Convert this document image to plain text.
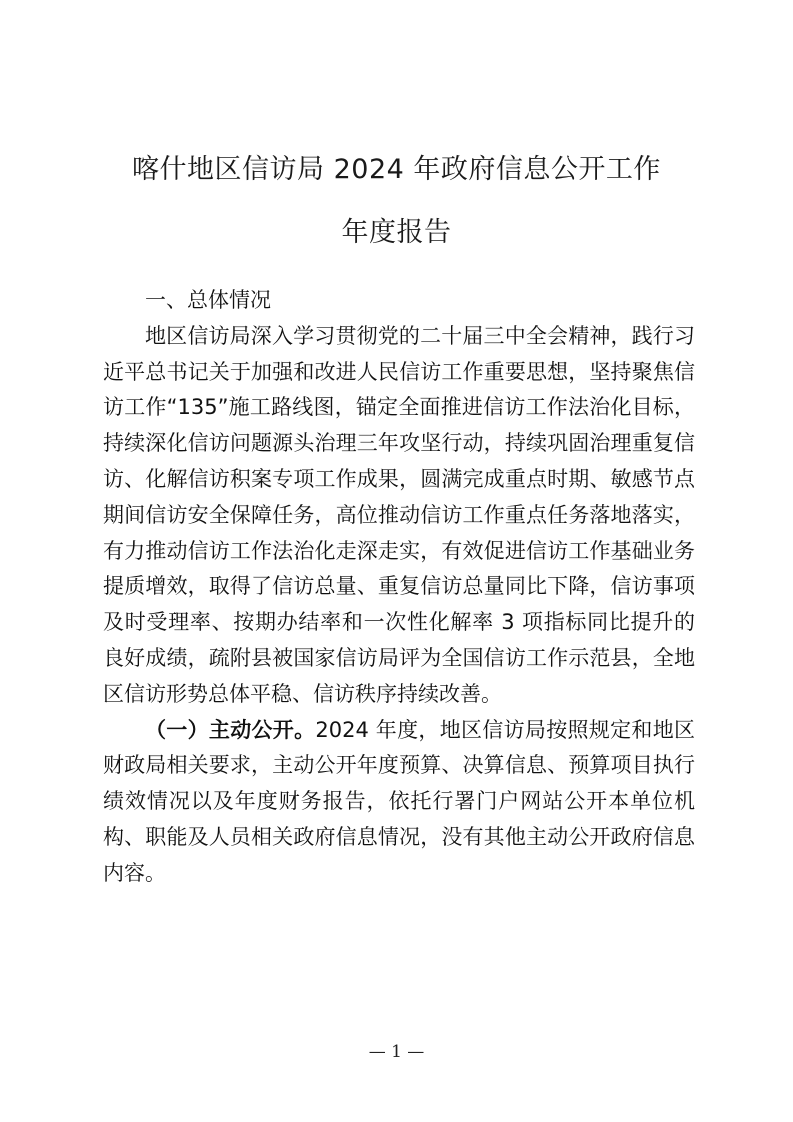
喀什地区信访局 2024 年政府信息公开工作
年度报告

一、总体情况

地区信访局深入学习贯彻党的二十届三中全会精神，践行习近平总书记关于加强和改进人民信访工作重要思想，坚持聚焦信访工作“135”施工路线图，锚定全面推进信访工作法治化目标，持续深化信访问题源头治理三年攻坚行动，持续巩固治理重复信访、化解信访积案专项工作成果，圆满完成重点时期、敏感节点期间信访安全保障任务，高位推动信访工作重点任务落地落实，有力推动信访工作法治化走深走实，有效促进信访工作基础业务提质增效，取得了信访总量、重复信访总量同比下降，信访事项及时受理率、按期办结率和一次性化解率 3 项指标同比提升的良好成绩，疏附县被国家信访局评为全国信访工作示范县，全地区信访形势总体平稳、信访秩序持续改善。

（一）主动公开。2024 年度，地区信访局按照规定和地区财政局相关要求，主动公开年度预算、决算信息、预算项目执行绩效情况以及年度财务报告，依托行署门户网站公开本单位机构、职能及人员相关政府信息情况，没有其他主动公开政府信息内容。

— 1 —
